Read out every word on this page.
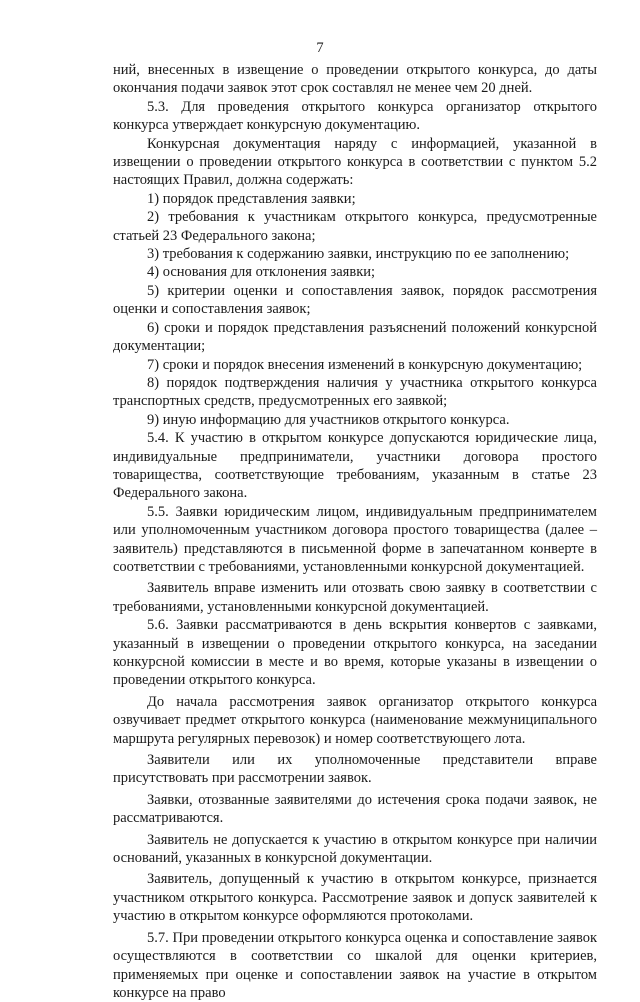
7

ний, внесенных в извещение о проведении открытого конкурса, до даты окончания подачи заявок этот срок составлял не менее чем 20 дней.

5.3. Для проведения открытого конкурса организатор открытого конкурса утверждает конкурсную документацию.

Конкурсная документация наряду с информацией, указанной в извещении о проведении открытого конкурса в соответствии с пунктом 5.2 настоящих Правил, должна содержать:

1) порядок представления заявки;

2) требования к участникам открытого конкурса, предусмотренные статьей 23 Федерального закона;

3) требования к содержанию заявки, инструкцию по ее заполнению;

4) основания для отклонения заявки;

5) критерии оценки и сопоставления заявок, порядок рассмотрения оценки и сопоставления заявок;

6) сроки и порядок представления разъяснений положений конкурсной документации;

7) сроки и порядок внесения изменений в конкурсную документацию;

8) порядок подтверждения наличия у участника открытого конкурса транспортных средств, предусмотренных его заявкой;

9) иную информацию для участников открытого конкурса.

5.4. К участию в открытом конкурсе допускаются юридические лица, индивидуальные предприниматели, участники договора простого товарищества, соответствующие требованиям, указанным в статье 23 Федерального закона.

5.5. Заявки юридическим лицом, индивидуальным предпринимателем или уполномоченным участником договора простого товарищества (далее – заявитель) представляются в письменной форме в запечатанном конверте в соответствии с требованиями, установленными конкурсной документацией.

Заявитель вправе изменить или отозвать свою заявку в соответствии с требованиями, установленными конкурсной документацией.

5.6. Заявки рассматриваются в день вскрытия конвертов с заявками, указанный в извещении о проведении открытого конкурса, на заседании конкурсной комиссии в месте и во время, которые указаны в извещении о проведении открытого конкурса.

До начала рассмотрения заявок организатор открытого конкурса озвучивает предмет открытого конкурса (наименование межмуниципального маршрута регулярных перевозок) и номер соответствующего лота.

Заявители или их уполномоченные представители вправе присутствовать при рассмотрении заявок.

Заявки, отозванные заявителями до истечения срока подачи заявок, не рассматриваются.

Заявитель не допускается к участию в открытом конкурсе при наличии оснований, указанных в конкурсной документации.

Заявитель, допущенный к участию в открытом конкурсе, признается участником открытого конкурса. Рассмотрение заявок и допуск заявителей к участию в открытом конкурсе оформляются протоколами.

5.7. При проведении открытого конкурса оценка и сопоставление заявок осуществляются в соответствии со шкалой для оценки критериев, применяемых при оценке и сопоставлении заявок на участие в открытом конкурсе на право
